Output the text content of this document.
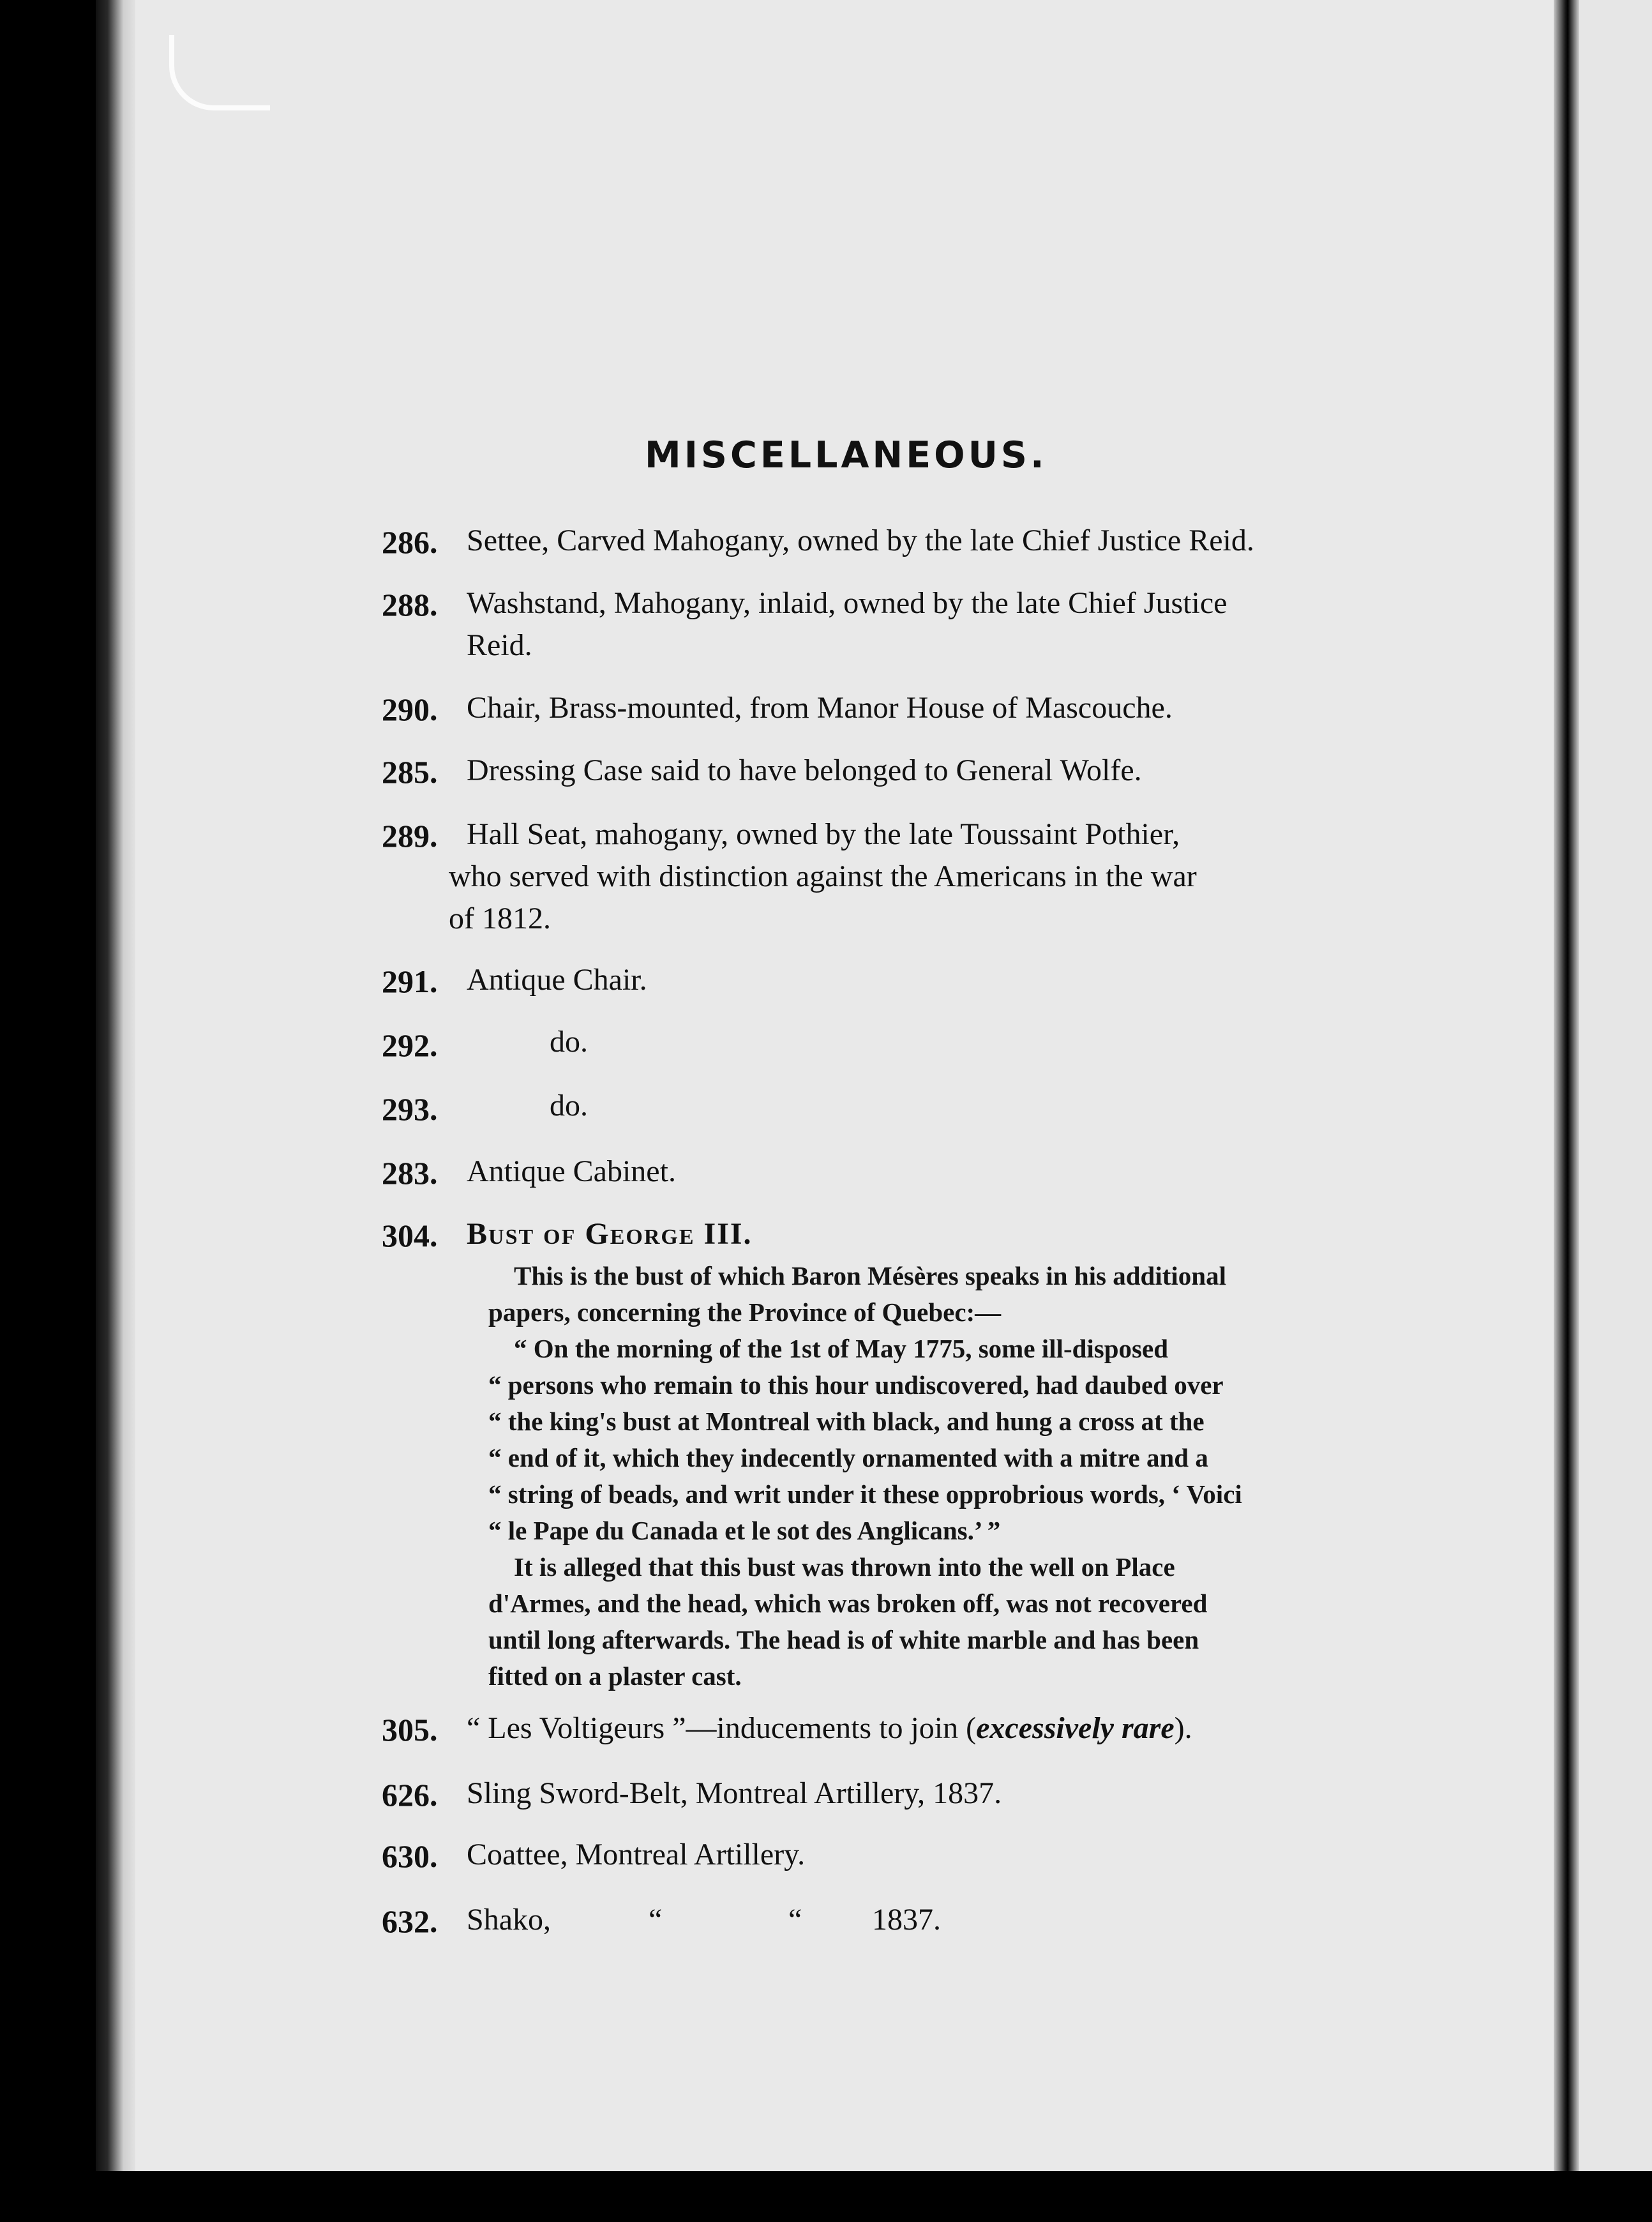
MISCELLANEOUS.
286. Settee, Carved Mahogany, owned by the late Chief Justice Reid.
288. Washstand, Mahogany, inlaid, owned by the late Chief Justice
Reid.
290. Chair, Brass-mounted, from Manor House of Mascouche.
285. Dressing Case said to have belonged to General Wolfe.
289. Hall Seat, mahogany, owned by the late Toussaint Pothier,
who served with distinction against the Americans in the war
of 1812.
291. Antique Chair.
292.	do.
293.	do.
283. Antique Cabinet.
304. Bust of George III.

This is the bust of which Baron Mésères speaks in his additional

papers, concerning the Province of Quebec:—

“ On the morning of the 1st of May 1775, some ill-disposed

“ persons who remain to this hour undiscovered, had daubed over

“ the king's bust at Montreal with black, and hung a cross at the

“ end of it, which they indecently ornamented with a mitre and a

“ string of beads, and writ under it these opprobrious words, ‘ Voici

“ le Pape du Canada et le sot des Anglicans.’ ”

It is alleged that this bust was thrown into the well on Place

d'Armes, and the head, which was broken off, was not recovered

until long afterwards. The head is of white marble and has been

fitted on a plaster cast.

305. “ Les Voltigeurs ”—inducements to join (excessively rare).
626. Sling Sword-Belt, Montreal Artillery, 1837.
630. Coattee, Montreal Artillery.
632. Shako,	“	“	1837.
